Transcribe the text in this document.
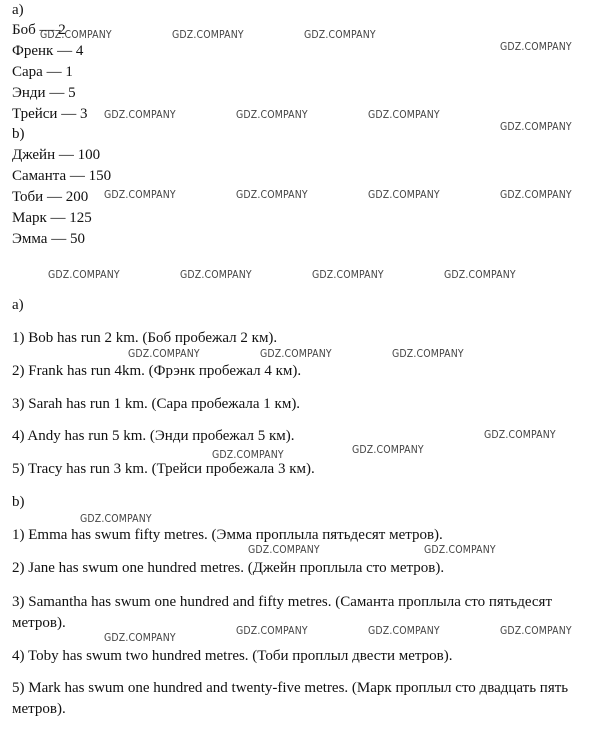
а)
Боб — 2
Френк — 4
Сара — 1
Энди — 5
Трейси — 3
b)
Джейн — 100
Саманта — 150
Тоби — 200
Марк — 125
Эмма — 50
a)
1) Bob has run 2 km. (Боб пробежал 2 км).
2) Frank has run 4km. (Фрэнк пробежал 4 км).
3) Sarah has run 1 km. (Сара пробежала 1 км).
4) Andy has run 5 km. (Энди пробежал 5 км).
5) Tracy has run 3 km. (Трейси пробежала 3 км).
b)
1) Emma has swum fifty metres. (Эмма проплыла пятьдесят метров).
2) Jane has swum one hundred metres. (Джейн проплыла сто метров).
3) Samantha has swum one hundred and fifty metres. (Саманта проплыла сто пятьдесят метров).
4) Toby has swum two hundred metres. (Тоби проплыл двести метров).
5) Mark has swum one hundred and twenty-five metres. (Марк проплыл сто двадцать пять метров).
GDZ.COMPANY	GDZ.COMPANY	GDZ.COMPANY
GDZ.COMPANY
GDZ.COMPANY	GDZ.COMPANY	GDZ.COMPANY
GDZ.COMPANY
GDZ.COMPANY	GDZ.COMPANY	GDZ.COMPANY	GDZ.COMPANY
GDZ.COMPANY	GDZ.COMPANY	GDZ.COMPANY	GDZ.COMPANY
GDZ.COMPANY	GDZ.COMPANY	GDZ.COMPANY
GDZ.COMPANY
GDZ.COMPANY
GDZ.COMPANY
GDZ.COMPANY
GDZ.COMPANY	GDZ.COMPANY
GDZ.COMPANY
GDZ.COMPANY	GDZ.COMPANY	GDZ.COMPANY
